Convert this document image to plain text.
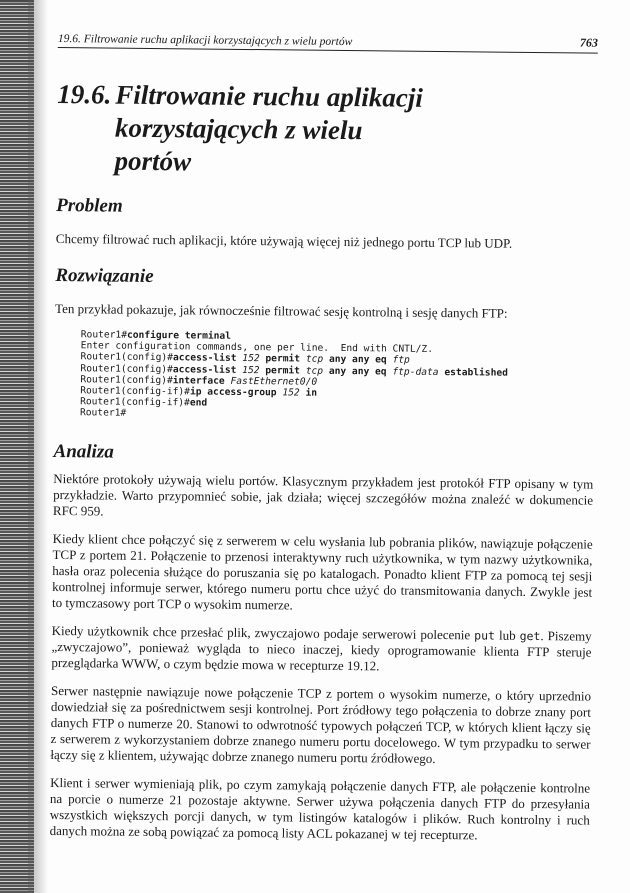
19.6. Filtrowanie ruchu aplikacji korzystających z wielu portów	763
19.6. Filtrowanie ruchu aplikacji korzystających z wielu portów
Problem

Chcemy filtrować ruch aplikacji, które używają więcej niż jednego portu TCP lub UDP.

Rozwiązanie

Ten przykład pokazuje, jak równocześnie filtrować sesję kontrolną i sesję danych FTP:

Router1#configure terminal
Enter configuration commands, one per line.  End with CNTL/Z.
Router1(config)#access-list 152 permit tcp any any eq ftp
Router1(config)#access-list 152 permit tcp any any eq ftp-data established
Router1(config)#interface FastEthernet0/0
Router1(config-if)#ip access-group 152 in
Router1(config-if)#end
Router1#
Analiza

Niektóre protokoły używają wielu portów. Klasycznym przykładem jest protokół FTP opisany w tym przykładzie. Warto przypomnieć sobie, jak działa; więcej szczegółów można znaleźć w dokumencie RFC 959.

Kiedy klient chce połączyć się z serwerem w celu wysłania lub pobrania plików, nawiązuje połączenie TCP z portem 21. Połączenie to przenosi interaktywny ruch użytkownika, w tym nazwy użytkownika, hasła oraz polecenia służące do poruszania się po katalogach. Ponadto klient FTP za pomocą tej sesji kontrolnej informuje serwer, którego numeru portu chce użyć do transmitowania danych. Zwykle jest to tymczasowy port TCP o wysokim numerze.

Kiedy użytkownik chce przesłać plik, zwyczajowo podaje serwerowi polecenie put lub get. Piszemy „zwyczajowo”, ponieważ wygląda to nieco inaczej, kiedy oprogramowanie klienta FTP steruje przeglądarka WWW, o czym będzie mowa w recepturze 19.12.

Serwer następnie nawiązuje nowe połączenie TCP z portem o wysokim numerze, o który uprzednio dowiedział się za pośrednictwem sesji kontrolnej. Port źródłowy tego połączenia to dobrze znany port danych FTP o numerze 20. Stanowi to odwrotność typowych połączeń TCP, w których klient łączy się z serwerem z wykorzystaniem dobrze znanego numeru portu docelowego. W tym przypadku to serwer łączy się z klientem, używając dobrze znanego numeru portu źródłowego.

Klient i serwer wymieniają plik, po czym zamykają połączenie danych FTP, ale połączenie kontrolne na porcie o numerze 21 pozostaje aktywne. Serwer używa połączenia danych FTP do przesyłania wszystkich większych porcji danych, w tym listingów katalogów i plików. Ruch kontrolny i ruch danych można ze sobą powiązać za pomocą listy ACL pokazanej w tej recepturze.
